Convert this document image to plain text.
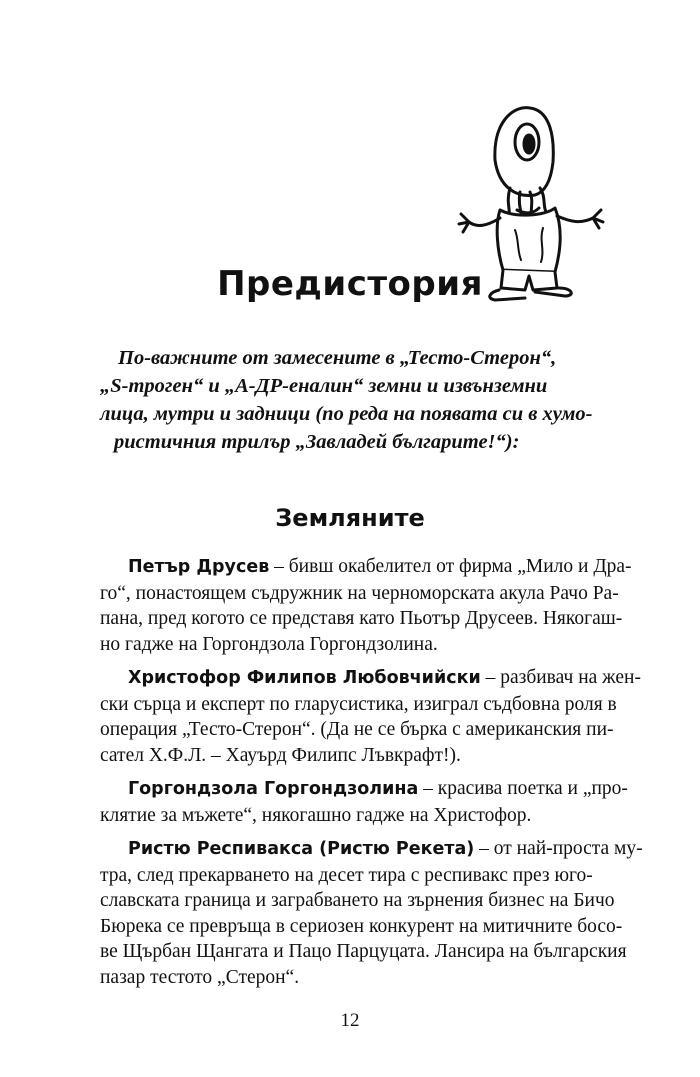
Предистория

По-важните от замесените в „Тесто-Стерон“,
„S-троген“ и „А-ДР-еналин“ земни и извънземни
лица, мутри и задници (по реда на появата си в хумо-
ристичния трилър „Завладей българите!“):

Земляните
Петър Друсев – бивш окабелител от фирма „Мило и Дра-
го“, понастоящем съдружник на черноморската акула Рачо Ра-
пана, пред когото се представя като Пьотър Друсеев. Някогаш-
но гадже на Горгондзола Горгондзолина.
Христофор Филипов Любовчийски – разбивач на жен-
ски сърца и експерт по гларусистика, изиграл съдбовна роля в
операция „Тесто-Стерон“. (Да не се бърка с американския пи-
сател Х.Ф.Л. – Хауърд Филипс Лъвкрафт!).
Горгондзола Горгондзолина – красива поетка и „про-
клятие за мъжете“, някогашно гадже на Христофор.
Ристю Респивакса (Ристю Рекета) – от най-проста му-
тра, след прекарването на десет тира с респивакс през юго-
славската граница и заграбването на зърнения бизнес на Бичо
Бюрека се превръща в сериозен конкурент на митичните босо-
ве Щърбан Щангата и Пацо Парцуцата. Лансира на българския
пазар тестото „Стерон“.
12
